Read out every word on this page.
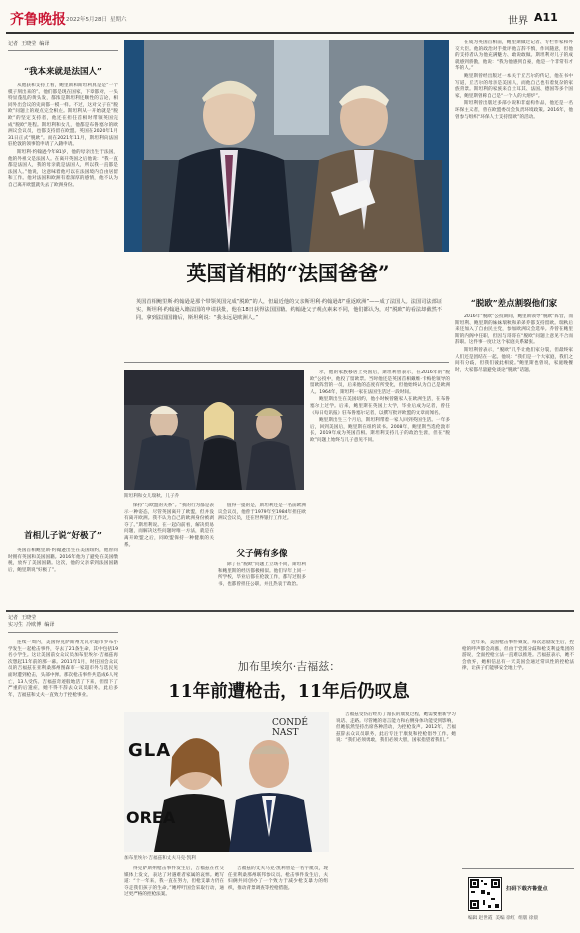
齐鲁晚报 2022年5月28日 星期六	世界 A11
记者 王晓莹 编译
“我本来就是法国人”

从他获和支持上看，鲍里斯和斯坦利真是是“一个模子刻出来的”。他们都是现在国家，下章都对，一头特显蓬乱的黄头发，都浓是斯坦利还顺性的言论，相同外出会议的史尚都一模一样。不过，这对父子在“脱欧”问题上的观点完全相左。斯坦利从一开始就是“脱欧”的坚定支持者，他还在担任首相时带领英国完成“脱欧”进程。斯坦利和女儿，他都是布鲁塞尔的欧洲议会议员，也都支持留在欧盟。英国在2020年1月31日正式“脱欧”。而在2021年11月，斯坦利向法国驻伦敦的领事馆申请了入籍申请。

斯坦利·约翰逊今年81岁，他的母亲出生于法国，他的外祖父是法国人。在离开英国之后他说：“我一直都是法国人，我的母亲就是法国人，所以我一直都是法国人。”他说，这意味着他可以在法国境内自由居留和工作。他对法国和欧洲有着深厚的感情，他不认为自己离开欧盟就失去了欧洲身份。

首相儿子说“好极了”

英国首相鲍里斯·约翰逊出生在美国纽约，他曾同时拥有英国和美国国籍。2016年他为了避免在美国缴税，放弃了美国国籍。这次，他的父亲拿到法国国籍后，鲍里斯说“好极了”。

在成为英国首相前，鲍里斯做过记者、专栏作家和外交大臣。他的政治对手批评他言辞不慎，作风随意，但他的支持者认为他充满魅力、敢说敢做。斯坦利对儿子的成就感到骄傲，他说：“我为他感到自豪，他是一个非常有才华的人。”

鲍里斯曾经出版过一本关于丘吉尔的传记，他在书中写道，丘吉尔的母亲是美国人，而他自己也有着复杂的家族背景。斯坦利的家族来自土耳其、法国、德国等多个国家，鲍里斯曾称自己是“一个人的大熔炉”。

斯坦利曾出版过多部小说和非虚构作品，他还是一名环保主义者，曾在欧盟委员会负责环境政策。2016年，他曾参与组织“环保人士支持留欧”的活动。

英国首相的“法国爸爸”
英国首相鲍里斯·约翰逊是那个带领英国完成“脱欧”的人，但最近他的父亲斯坦利·约翰逊却“重返欧洲”——成了法国人。法国司法部证实，斯坦利·约翰逊入籍法国的申请获批，他在18日获得法国国籍。约翰逊父子观点素来不同，他们都认为，对“脱欧”的看法却截然不同。拿到法国国籍后，斯坦利说：“我永远是欧洲人。”
“脱欧”差点割裂他们家

2016年“脱欧”公投期间，鲍里斯领导“脱欧”阵营，而斯坦利、鲍里斯的妹妹瑞秋和弟弟乔都支持留欧。瑞秋后来还加入了自由民主党，参加欧洲议会选举。乔曾在鲍里斯的内阁中任职，但因与哥哥在“脱欧”问题上意见不合而辞职。这件事一度让这个家庭关系紧张。

斯坦利曾表示，“脱欧”几乎让他们家分裂，但最终家人们还是团结在一起。他说：“我们是一个大家庭，我们之间有分歧，但我们彼此相爱。”鲍里斯也曾说，家庭晚餐时，大家都尽量避免谈论“脱欧”话题。

斯坦利和女儿瑞秋、儿子乔

尔，他的家族移居上英国后，斯坦利曾表示，在2016年的“脱欧”公投中，他投了留欧票。当时他还是英国首相戴维·卡梅伦领导的留欧阵营的一员，后来他的态度有所变化，但他始终认为自己是欧洲人。1964年，斯坦利一家在法国生活过一段时间。

鲍里斯出生在美国纽约，他小时候曾随家人在欧洲生活，在布鲁塞尔上过学。后来，鲍里斯在英国上大学，毕业后成为记者，曾任《每日电讯报》驻布鲁塞尔记者，以撰写批评欧盟的文章而闻名。

鲍里斯出生三个月后，斯坦利带着一家人回到英国生活。一年多后，回到美国后，鲍里斯在纽约读书。2008年，鲍里斯当选伦敦市长，2019年成为英国首相。斯坦利支持儿子的政治生涯，但在“脱欧”问题上始终与儿子意见不同。

保持“与欧盟的关系”。“我的行为都是表示一种姿态，尽管英国离开了欧盟，但并没有离开欧洲。我不认为自己的欧洲身份被剥夺了。”斯坦利说。在一起向前看，解决贸易问题，而解决这些问题时唯一方法，就是在离开欧盟之后，同欧盟保持一种健康的关系。

值得一提的是，斯坦利还是一名前欧洲议会议员，他曾于1979年至1984年担任欧洲议会议员，还在世界银行工作过。

父子俩有多像

除了在“脱欧”问题上立场不同，斯坦利和鲍里斯的经历都极相似。他们早年上同一所学校，毕业后都在伦敦工作，都写过很多书，也都曾担任公职，并且热衷于政治。

记者 王晓莹
实习生 冷欧博 编译
加布里埃尔·吉福兹：
11年前遭枪击，11年后仍叹息

连续一周内，美国得克萨斯州尤瓦尔迪市罗布小学发生一起枪击事件，夺去了21条生命，其中包括19名小学生。这让美国前女众议员加布里埃尔·吉福兹再次想起11年前的那一幕。2011年1月，时任国会众议员的吉福兹在亚利桑那州图森市一家超市外与选民见面时遭到枪击，头部中弹。那次枪击事件共造成6人死亡，13人受伤。吉福兹奇迹般地活了下来，但留下了严重的后遗症，她不得不辞去众议员职务。此后多年，吉福兹和丈夫一直致力于控枪事业。

GLA
CONDÉ NAST
OREA
加布里埃尔·吉福兹和丈夫马克·凯利

吉福兹受伤后经历了漫长的康复过程，她需要重新学习说话、走路。尽管她的语言能力和右侧身体功能受到影响，但她依然坚持出席各种活动，为控枪发声。2012年，吉福兹辞去众议员职务，此后专注于康复和控枪倡导工作。她说：“我们必须勇敢，我们必须大胆，国家指望着我们。”

得克萨斯州枪击事件发生后，吉福兹在社交媒体上发文，表达了对遇难者家属的哀悼。她写道：“十一年来，我一直在努力，但枪支暴力仍在夺走我们孩子的生命。”她呼吁国会采取行动，通过更严格的控枪法案。

吉福兹的丈夫马克·凯利曾是一名宇航员，现任亚利桑那州联邦参议员。枪击事件发生后，夫妇俩共同创办了一个致力于减少枪支暴力的组织，推动背景调查等控枪措施。

近年来，美国枪击事件频发，每次悲剧发生后，控枪的呼声都会高涨，但由于党派分歧和枪支利益集团的游说，全面控枪立法一直难以推进。吉福兹表示，她不会放弃，她相信总有一天美国会通过常识性的控枪法律，让孩子们能够安全地上学。

扫码下载齐鲁壹点
编辑 赵世霞 美编 徐红 组版 徐晨
